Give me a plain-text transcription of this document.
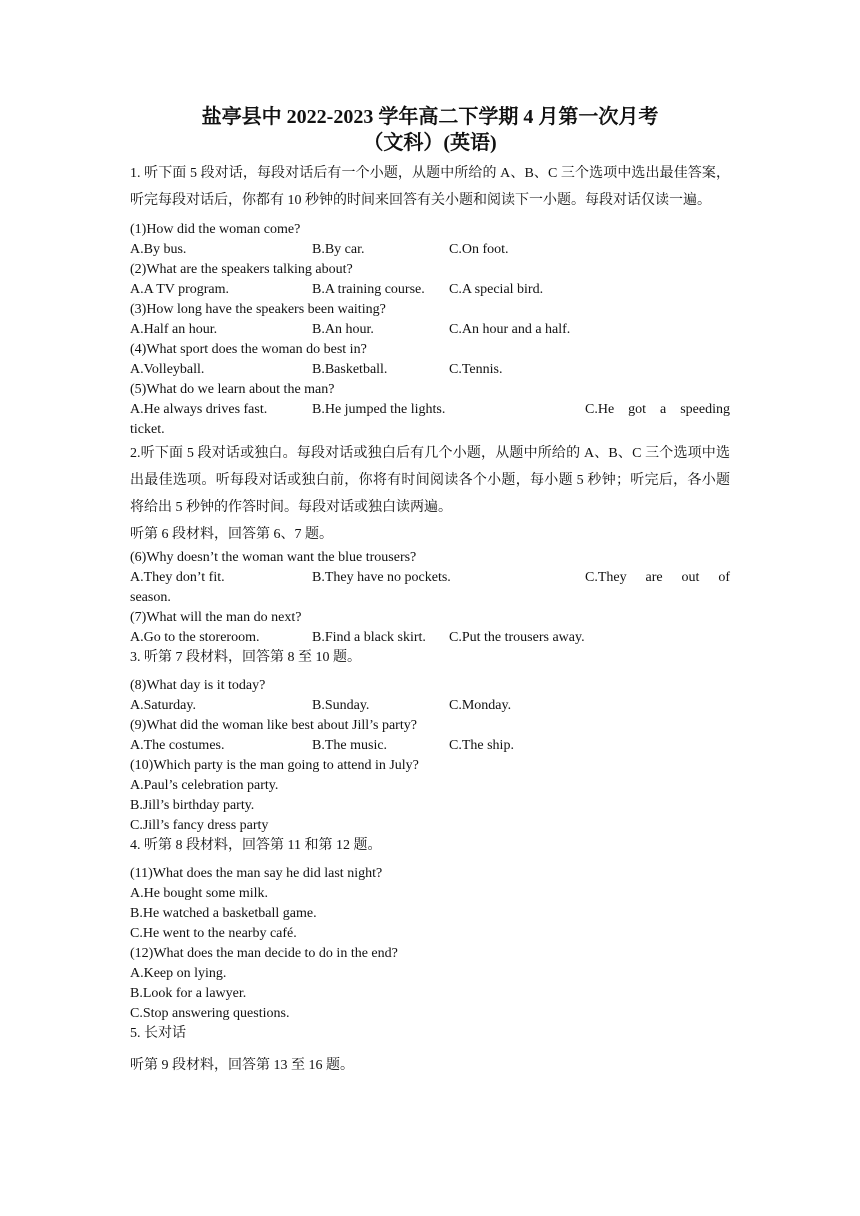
盐亭县中 2022-2023 学年高二下学期 4 月第一次月考

（文科）(英语)

1. 听下面 5 段对话，每段对话后有一个小题，从题中所给的 A、B、C 三个选项中选出最佳答案，听完每段对话后，你都有 10 秒钟的时间来回答有关小题和阅读下一小题。每段对话仅读一遍。

(1)How did the woman come?

A.By bus.	B.By car.	C.On foot.

(2)What are the speakers talking about?

A.A TV program.	B.A training course. C.A special bird.

(3)How long have the speakers been waiting?

A.Half an hour.	B.An hour.	C.An hour and a half.

(4)What sport does the woman do best in?

A.Volleyball.	B.Basketball.	C.Tennis.

(5)What do we learn about the man?

A.He always drives fast.	B.He jumped the lights.	C.He got a speeding

ticket.

2.听下面 5 段对话或独白。每段对话或独白后有几个小题，从题中所给的 A、B、C 三个选项中选出最佳选项。听每段对话或独白前，你将有时间阅读各个小题，每小题 5 秒钟；听完后，各小题将给出 5 秒钟的作答时间。每段对话或独白读两遍。

听第 6 段材料，回答第 6、7 题。

(6)Why doesn’t the woman want the blue trousers?

A.They don’t fit.	B.They have no pockets.	C.They are out of

season.

(7)What will the man do next?

A.Go to the storeroom.	B.Find a black skirt. C.Put the trousers away.

3. 听第 7 段材料，回答第 8 至 10 题。

(8)What day is it today?

A.Saturday.	B.Sunday.	C.Monday.

(9)What did the woman like best about Jill’s party?

A.The costumes.	B.The music.	C.The ship.

(10)Which party is the man going to attend in July?

A.Paul’s celebration party.

B.Jill’s birthday party.

C.Jill’s fancy dress party

4. 听第 8 段材料，回答第 11 和第 12 题。

(11)What does the man say he did last night?

A.He bought some milk.

B.He watched a basketball game.

C.He went to the nearby café.

(12)What does the man decide to do in the end?

A.Keep on lying.

B.Look for a lawyer.

C.Stop answering questions.

5. 长对话

听第 9 段材料，回答第 13 至 16 题。
